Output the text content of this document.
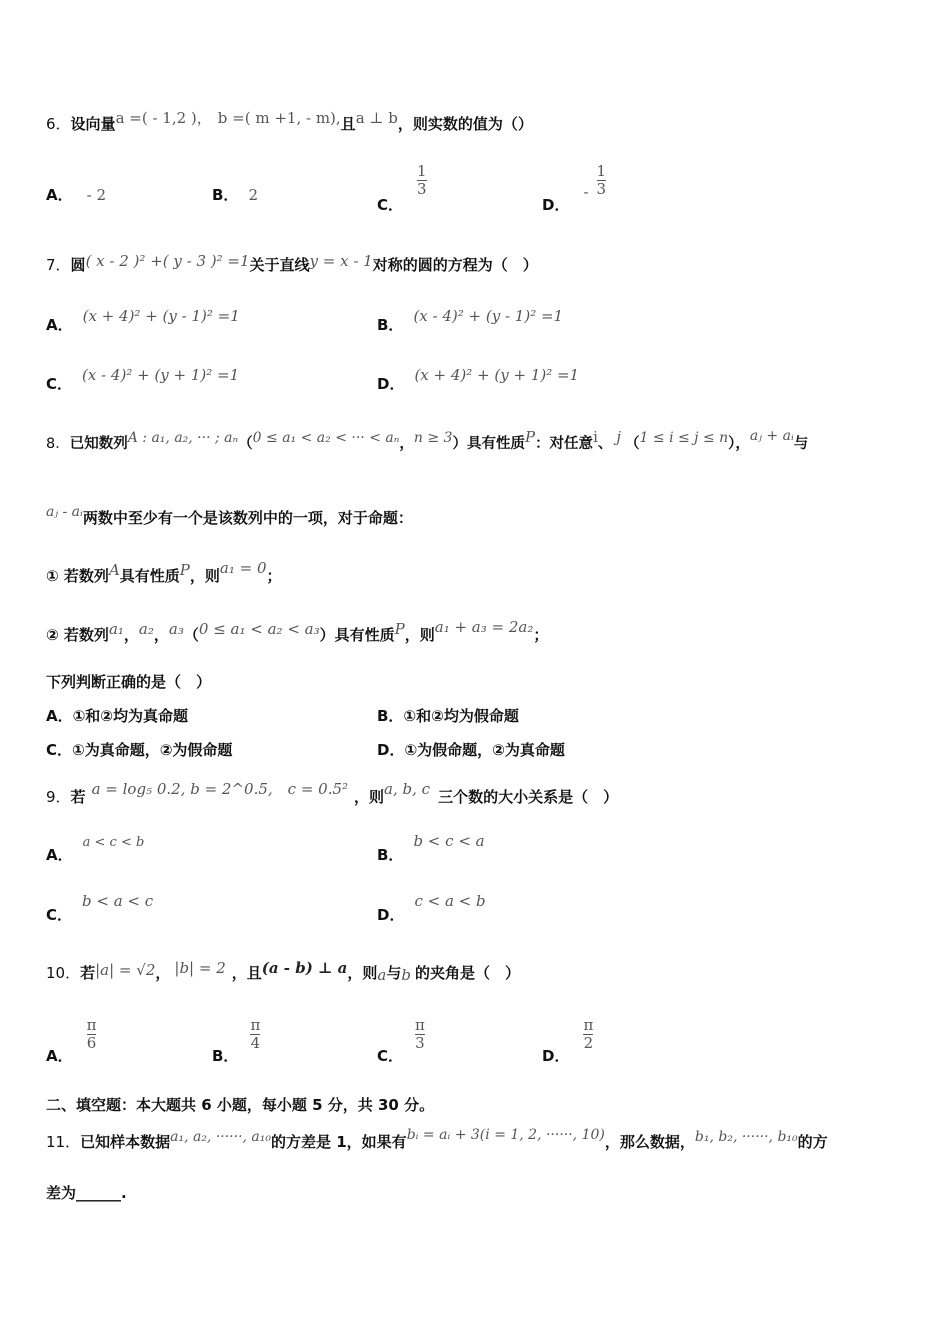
6．设向量a =( - 1,2 )， b =( m +1, - m),且a ⊥ b，则实数的值为（）
A． - 2	B． 2
C．
$\frac{1}{3}$
D．- $\frac{1}{3}$
7．圆( x - 2 )² +( y - 3 )² =1关于直线y = x - 1对称的圆的方程为（　）
A． (x + 4)² + (y - 1)² =1	B． (x - 4)² + (y - 1)² =1
C． (x - 4)² + (y + 1)² =1	D． (x + 4)² + (y + 1)² =1
8．已知数列A : a₁, a₂, ··· ; aₙ（0 ≤ a₁ < a₂ < ··· < aₙ，n ≥ 3）具有性质P：对任意i、 j （1 ≤ i ≤ j ≤ n），aⱼ + aᵢ与
aⱼ - aᵢ两数中至少有一个是该数列中的一项，对于命题：
① 若数列A具有性质P，则a₁ = 0；
② 若数列a₁，a₂，a₃（0 ≤ a₁ < a₂ < a₃）具有性质P，则a₁ + a₃ = 2a₂；
下列判断正确的是（　）
A．①和②均为真命题	B．①和②均为假命题
C．①为真命题，②为假命题	D．①为假命题，②为真命题
9．若 a = log₅ 0.2, b = 2^0.5,　c = 0.5² ，则a, b, c 三个数的大小关系是（　）
A．a < c < b
B．b < c < a
C．b < a < c
D．c < a < b
10．若|a| = √2， |b| = 2 ，且(a - b) ⊥ a，则a与b 的夹角是（　）
A．
$\frac{\pi}{6}$
B．
$\frac{\pi}{4}$
C．
$\frac{\pi}{3}$
D．
$\frac{\pi}{2}$
二、填空题：本大题共 6 小题，每小题 5 分，共 30 分。
11．已知样本数据a₁, a₂, ······, a₁₀的方差是 1，如果有bᵢ = aᵢ + 3(i = 1, 2, ······, 10)，那么数据，b₁, b₂, ······, b₁₀的方
差为______.
